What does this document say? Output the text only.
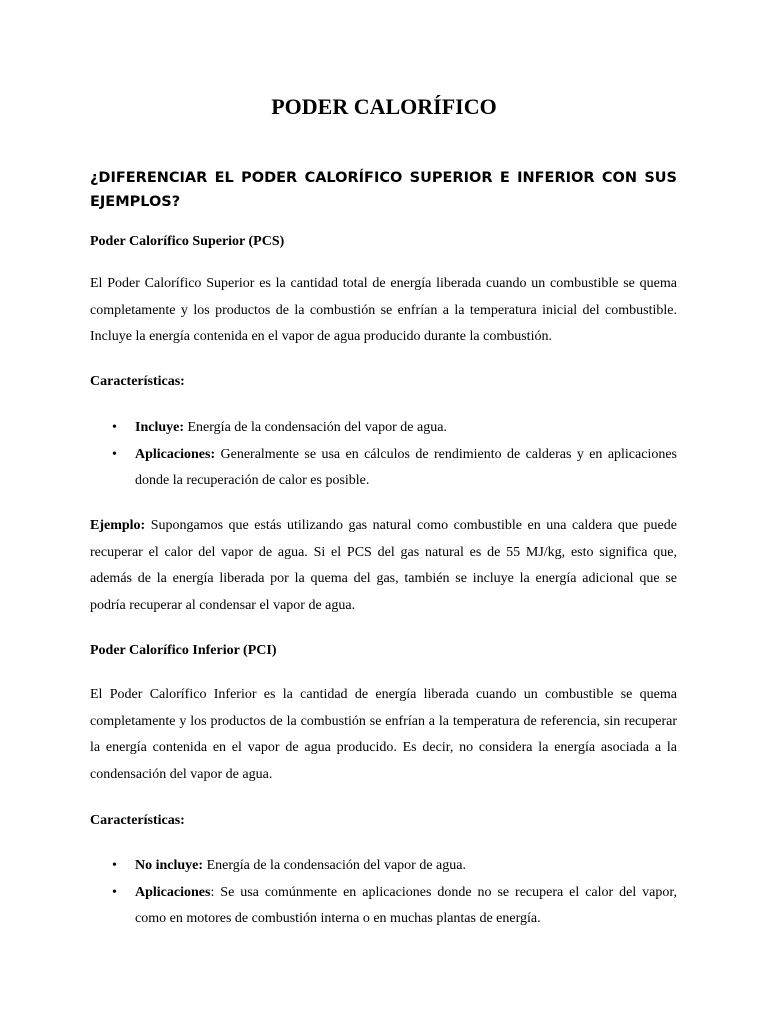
PODER CALORÍFICO

¿DIFERENCIAR EL PODER CALORÍFICO SUPERIOR E INFERIOR CON SUS EJEMPLOS?

Poder Calorífico Superior (PCS)

El Poder Calorífico Superior es la cantidad total de energía liberada cuando un combustible se quema completamente y los productos de la combustión se enfrían a la temperatura inicial del combustible. Incluye la energía contenida en el vapor de agua producido durante la combustión.

Características:

• Incluye: Energía de la condensación del vapor de agua.
• Aplicaciones: Generalmente se usa en cálculos de rendimiento de calderas y en aplicaciones donde la recuperación de calor es posible.

Ejemplo: Supongamos que estás utilizando gas natural como combustible en una caldera que puede recuperar el calor del vapor de agua. Si el PCS del gas natural es de 55 MJ/kg, esto significa que, además de la energía liberada por la quema del gas, también se incluye la energía adicional que se podría recuperar al condensar el vapor de agua.

Poder Calorífico Inferior (PCI)

El Poder Calorífico Inferior es la cantidad de energía liberada cuando un combustible se quema completamente y los productos de la combustión se enfrían a la temperatura de referencia, sin recuperar la energía contenida en el vapor de agua producido. Es decir, no considera la energía asociada a la condensación del vapor de agua.

Características:

• No incluye: Energía de la condensación del vapor de agua.
• Aplicaciones: Se usa comúnmente en aplicaciones donde no se recupera el calor del vapor, como en motores de combustión interna o en muchas plantas de energía.
